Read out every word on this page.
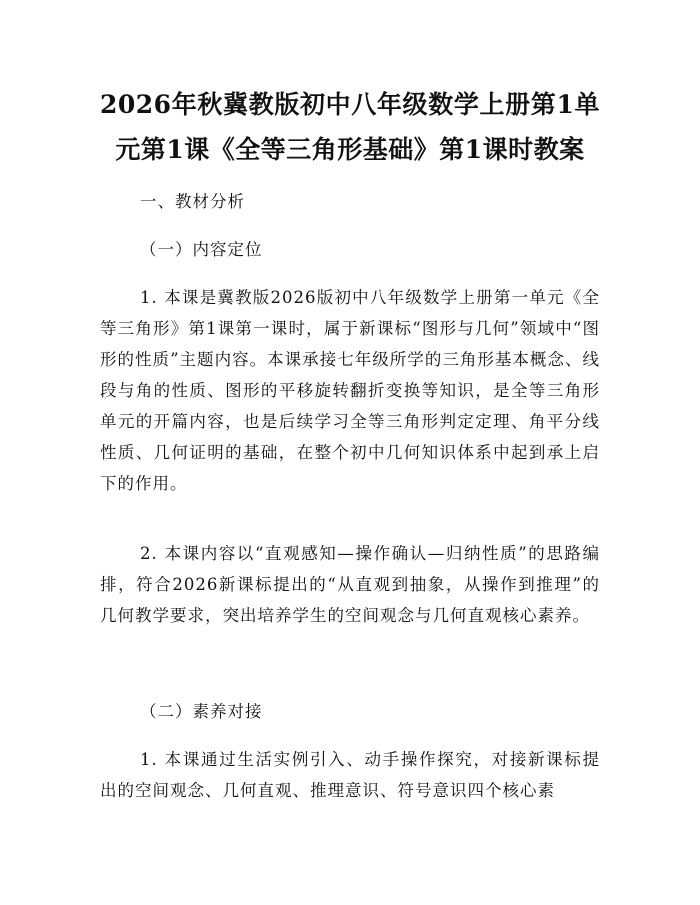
2026年秋冀教版初中八年级数学上册第1单元第1课《全等三角形基础》第1课时教案

一、教材分析

（一）内容定位

1. 本课是冀教版2026版初中八年级数学上册第一单元《全等三角形》第1课第一课时，属于新课标“图形与几何”领域中“图形的性质”主题内容。本课承接七年级所学的三角形基本概念、线段与角的性质、图形的平移旋转翻折变换等知识，是全等三角形单元的开篇内容，也是后续学习全等三角形判定定理、角平分线性质、几何证明的基础，在整个初中几何知识体系中起到承上启下的作用。

2. 本课内容以“直观感知—操作确认—归纳性质”的思路编排，符合2026新课标提出的“从直观到抽象，从操作到推理”的几何教学要求，突出培养学生的空间观念与几何直观核心素养。

（二）素养对接

1. 本课通过生活实例引入、动手操作探究，对接新课标提出的空间观念、几何直观、推理意识、符号意识四个核心素
